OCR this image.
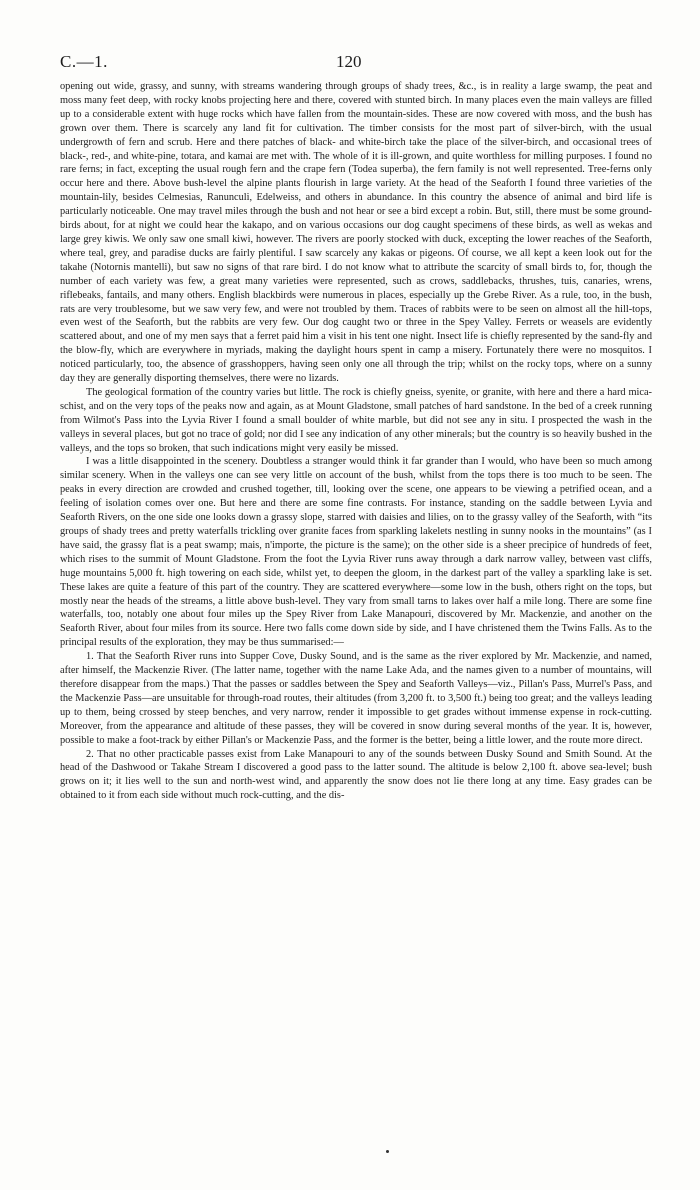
C.—1.	120

opening out wide, grassy, and sunny, with streams wandering through groups of shady trees, &c., is in reality a large swamp, the peat and moss many feet deep, with rocky knobs projecting here and there, covered with stunted birch. In many places even the main valleys are filled up to a considerable extent with huge rocks which have fallen from the mountain-sides. These are now covered with moss, and the bush has grown over them. There is scarcely any land fit for cultivation. The timber consists for the most part of silver-birch, with the usual undergrowth of fern and scrub. Here and there patches of black- and white-birch take the place of the silver-birch, and occasional trees of black-, red-, and white-pine, totara, and kamai are met with. The whole of it is ill-grown, and quite worthless for milling purposes. I found no rare ferns; in fact, excepting the usual rough fern and the crape fern (Todea superba), the fern family is not well represented. Tree-ferns only occur here and there. Above bush-level the alpine plants flourish in large variety. At the head of the Seaforth I found three varieties of the mountain-lily, besides Celmesias, Ranunculi, Edelweiss, and others in abundance. In this country the absence of animal and bird life is particularly noticeable. One may travel miles through the bush and not hear or see a bird except a robin. But, still, there must be some ground-birds about, for at night we could hear the kakapo, and on various occasions our dog caught specimens of these birds, as well as wekas and large grey kiwis. We only saw one small kiwi, however. The rivers are poorly stocked with duck, excepting the lower reaches of the Seaforth, where teal, grey, and paradise ducks are fairly plentiful. I saw scarcely any kakas or pigeons. Of course, we all kept a keen look out for the takahe (Notornis mantelli), but saw no signs of that rare bird. I do not know what to attribute the scarcity of small birds to, for, though the number of each variety was few, a great many varieties were represented, such as crows, saddlebacks, thrushes, tuis, canaries, wrens, riflebeaks, fantails, and many others. English blackbirds were numerous in places, especially up the Grebe River. As a rule, too, in the bush, rats are very troublesome, but we saw very few, and were not troubled by them. Traces of rabbits were to be seen on almost all the hill-tops, even west of the Seaforth, but the rabbits are very few. Our dog caught two or three in the Spey Valley. Ferrets or weasels are evidently scattered about, and one of my men says that a ferret paid him a visit in his tent one night. Insect life is chiefly represented by the sand-fly and the blow-fly, which are everywhere in myriads, making the daylight hours spent in camp a misery. Fortunately there were no mosquitos. I noticed particularly, too, the absence of grasshoppers, having seen only one all through the trip; whilst on the rocky tops, where on a sunny day they are generally disporting themselves, there were no lizards.

The geological formation of the country varies but little. The rock is chiefly gneiss, syenite, or granite, with here and there a hard mica-schist, and on the very tops of the peaks now and again, as at Mount Gladstone, small patches of hard sandstone. In the bed of a creek running from Wilmot's Pass into the Lyvia River I found a small boulder of white marble, but did not see any in situ. I prospected the wash in the valleys in several places, but got no trace of gold; nor did I see any indication of any other minerals; but the country is so heavily bushed in the valleys, and the tops so broken, that such indications might very easily be missed.

I was a little disappointed in the scenery. Doubtless a stranger would think it far grander than I would, who have been so much among similar scenery. When in the valleys one can see very little on account of the bush, whilst from the tops there is too much to be seen. The peaks in every direction are crowded and crushed together, till, looking over the scene, one appears to be viewing a petrified ocean, and a feeling of isolation comes over one. But here and there are some fine contrasts. For instance, standing on the saddle between Lyvia and Seaforth Rivers, on the one side one looks down a grassy slope, starred with daisies and lilies, on to the grassy valley of the Seaforth, with “its groups of shady trees and pretty waterfalls trickling over granite faces from sparkling lakelets nestling in sunny nooks in the mountains” (as I have said, the grassy flat is a peat swamp; mais, n'importe, the picture is the same); on the other side is a sheer precipice of hundreds of feet, which rises to the summit of Mount Gladstone. From the foot the Lyvia River runs away through a dark narrow valley, between vast cliffs, huge mountains 5,000 ft. high towering on each side, whilst yet, to deepen the gloom, in the darkest part of the valley a sparkling lake is set. These lakes are quite a feature of this part of the country. They are scattered everywhere—some low in the bush, others right on the tops, but mostly near the heads of the streams, a little above bush-level. They vary from small tarns to lakes over half a mile long. There are some fine waterfalls, too, notably one about four miles up the Spey River from Lake Manapouri, discovered by Mr. Mackenzie, and another on the Seaforth River, about four miles from its source. Here two falls come down side by side, and I have christened them the Twins Falls. As to the principal results of the exploration, they may be thus summarised:—

1. That the Seaforth River runs into Supper Cove, Dusky Sound, and is the same as the river explored by Mr. Mackenzie, and named, after himself, the Mackenzie River. (The latter name, together with the name Lake Ada, and the names given to a number of mountains, will therefore disappear from the maps.) That the passes or saddles between the Spey and Seaforth Valleys—viz., Pillan's Pass, Murrel's Pass, and the Mackenzie Pass—are unsuitable for through-road routes, their altitudes (from 3,200 ft. to 3,500 ft.) being too great; and the valleys leading up to them, being crossed by steep benches, and very narrow, render it impossible to get grades without immense expense in rock-cutting. Moreover, from the appearance and altitude of these passes, they will be covered in snow during several months of the year. It is, however, possible to make a foot-track by either Pillan's or Mackenzie Pass, and the former is the better, being a little lower, and the route more direct.

2. That no other practicable passes exist from Lake Manapouri to any of the sounds between Dusky Sound and Smith Sound. At the head of the Dashwood or Takahe Stream I discovered a good pass to the latter sound. The altitude is below 2,100 ft. above sea-level; bush grows on it; it lies well to the sun and north-west wind, and apparently the snow does not lie there long at any time. Easy grades can be obtained to it from each side without much rock-cutting, and the dis-
